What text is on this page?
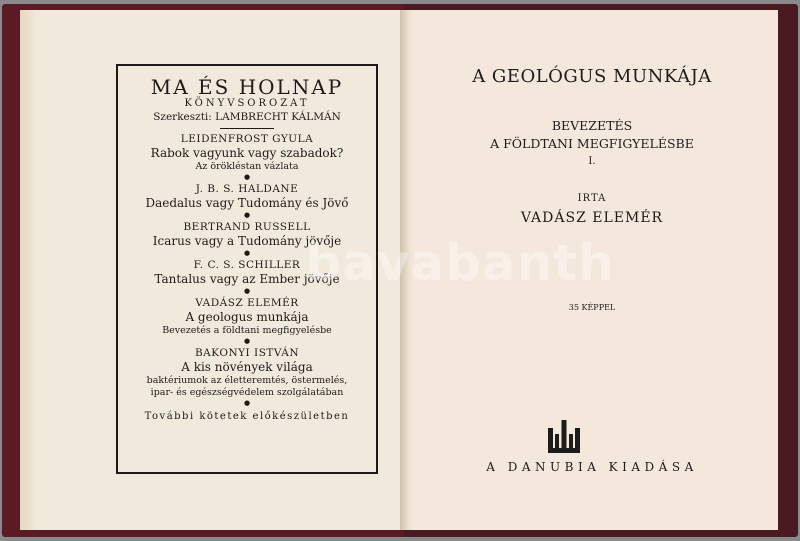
MA ÉS HOLNAP
KÖNYVSOROZAT
Szerkeszti: LAMBRECHT KÁLMÁN
LEIDENFROST GYULA
Rabok vagyunk vagy szabadok?
Az örökléstan vázlata
●
J. B. S. HALDANE
Daedalus vagy Tudomány és Jövő
●
BERTRAND RUSSELL
Icarus vagy a Tudomány jövője
●
F. C. S. SCHILLER
Tantalus vagy az Ember jövője
●
VADÁSZ ELEMÉR
A geologus munkája
Bevezetés a földtani megfigyelésbe
●
BAKONYI ISTVÁN
A kis növények világa
baktériumok az életteremtés, östermelés,
ipar- és egészségvédelem szolgálatában
●
További kötetek előkészületben
A GEOLÓGUS MUNKÁJA
BEVEZETÉS
A FÖLDTANI MEGFIGYELÉSBE
I.
IRTA
VADÁSZ ELEMÉR
35 KÉPPEL
A DANUBIA KIADÁSA
bavabanth
